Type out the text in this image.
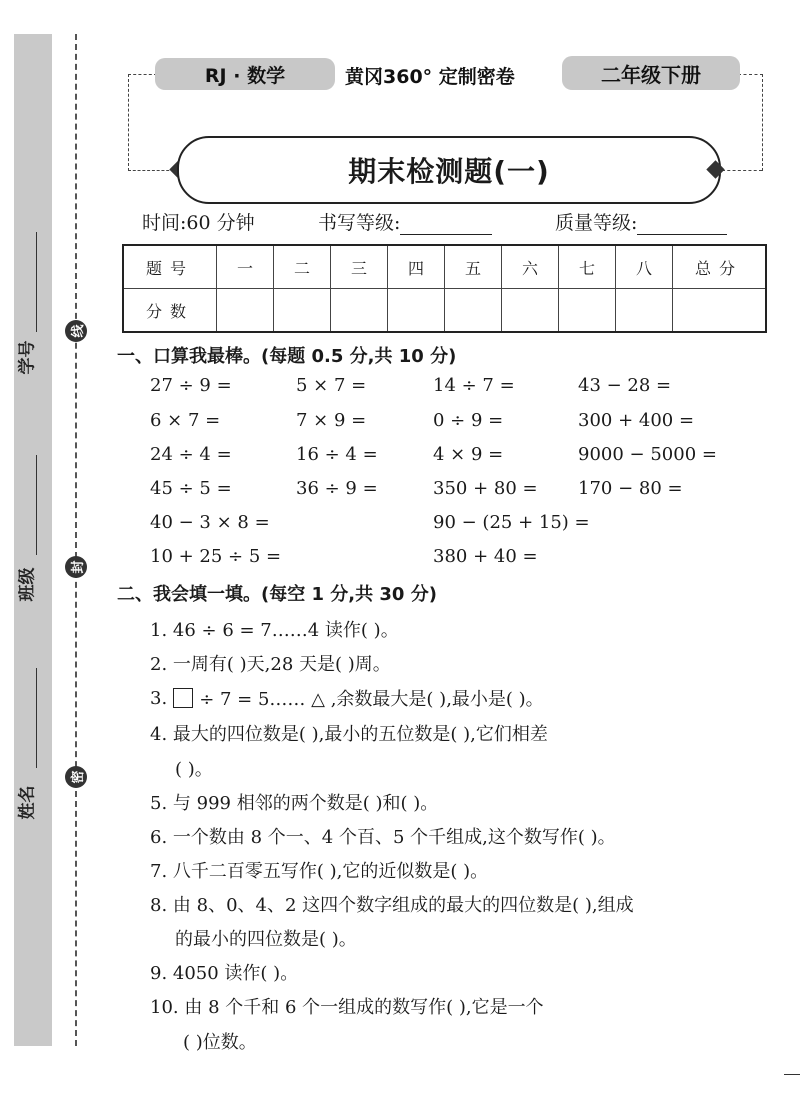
学号
班级
姓名
线
封
密
RJ · 数学	黄冈360° 定制密卷	二年级下册
期末检测题(一)
时间:60 分钟	书写等级:	质量等级:
题号	一	二	三	四	五	六	七	八	总分
分数									
一、口算我最棒。(每题 0.5 分,共 10 分)
27 ÷ 9 =	5 × 7 =	14 ÷ 7 =	43 − 28 =
6 × 7 =	7 × 9 =	0 ÷ 9 =	300 + 400 =
24 ÷ 4 =	16 ÷ 4 =	4 × 9 =	9000 − 5000 =
45 ÷ 5 =	36 ÷ 9 =	350 + 80 = 170 − 80 =
40 − 3 × 8 =	90 − (25 + 15) =
10 + 25 ÷ 5 =	380 + 40 =
二、我会填一填。(每空 1 分,共 30 分)
1. 46 ÷ 6 = 7……4 读作( )。
2. 一周有( )天,28 天是( )周。
3. ÷ 7 = 5…… △ ,余数最大是( ),最小是( )。
4. 最大的四位数是( ),最小的五位数是( ),它们相差
( )。
5. 与 999 相邻的两个数是( )和( )。
6. 一个数由 8 个一、4 个百、5 个千组成,这个数写作( )。
7. 八千二百零五写作( ),它的近似数是( )。
8. 由 8、0、4、2 这四个数字组成的最大的四位数是( ),组成
的最小的四位数是( )。
9. 4050 读作( )。
10. 由 8 个千和 6 个一组成的数写作( ),它是一个
( )位数。
